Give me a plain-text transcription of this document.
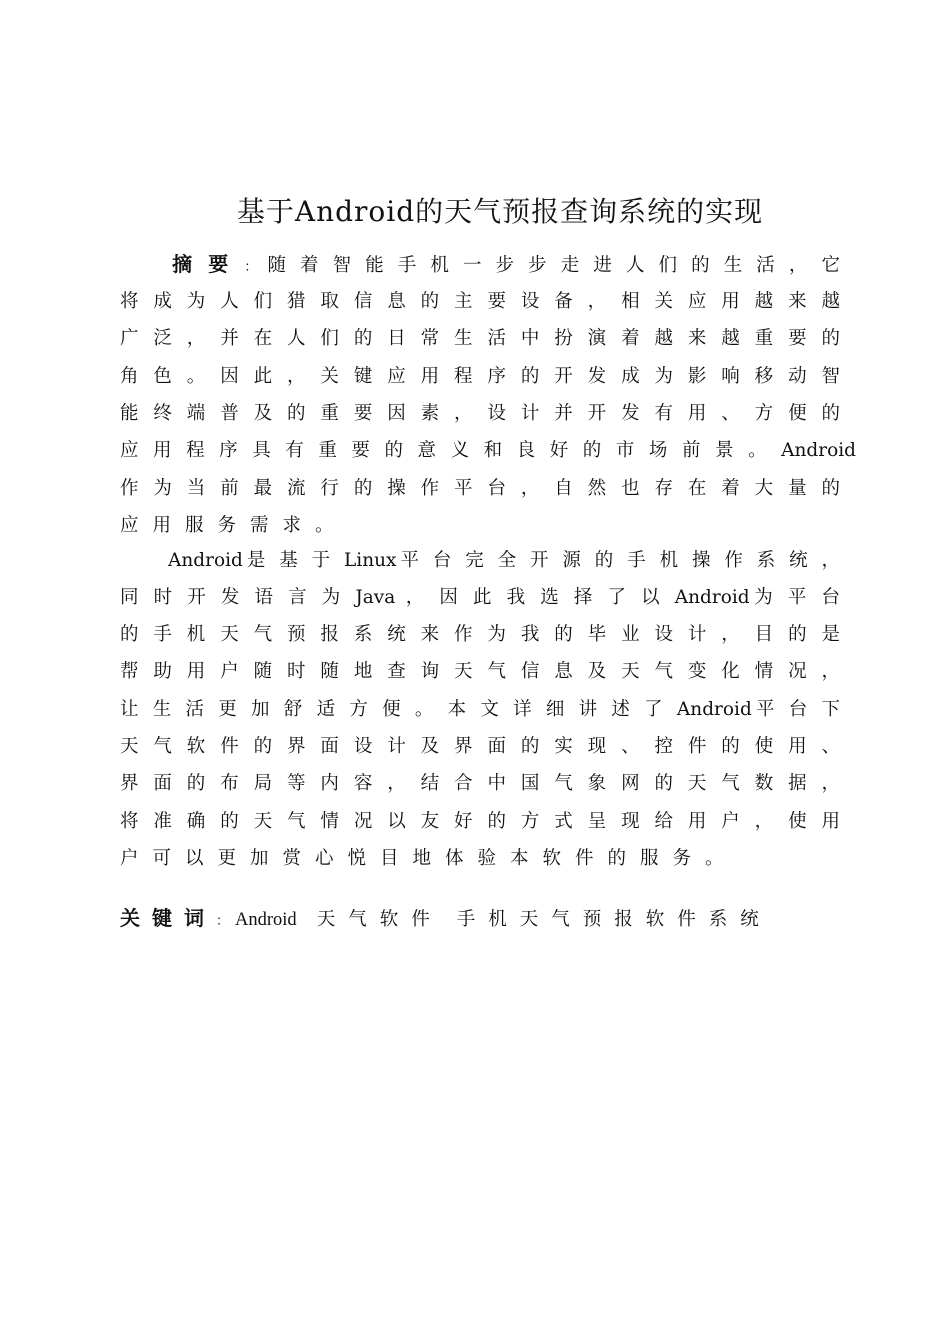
基于Android的天气预报查询系统的实现
摘要： 随 着 智 能 手 机 一 步 步 走 进 人 们 的 生 活 ， 它
将 成 为 人 们 猎 取 信 息 的 主 要 设 备 ， 相 关 应 用 越 来 越
广 泛 ， 并 在 人 们 的 日 常 生 活 中 扮 演 着 越 来 越 重 要 的
角 色 。 因 此 ， 关 键 应 用 程 序 的 开 发 成 为 影 响 移 动 智
能 终 端 普 及 的 重 要 因 素 ， 设 计 并 开 发 有 用 、 方 便 的
应 用 程 序 具 有 重 要 的 意 义 和 良 好 的 市 场 前 景 。 Android
作 为 当 前 最 流 行 的 操 作 平 台 ， 自 然 也 存 在 着 大 量 的
应用服务需求。
Android是 基 于 Linux平 台 完 全 开 源 的 手 机 操 作 系 统 ，
同 时 开 发 语 言 为 Java ， 因 此 我 选 择 了 以 Android为 平 台
的 手 机 天 气 预 报 系 统 来 作 为 我 的 毕 业 设 计 ， 目 的 是
帮 助 用 户 随 时 随 地 查 询 天 气 信 息 及 天 气 变 化 情 况 ，
让 生 活 更 加 舒 适 方 便 。 本 文 详 细 讲 述 了 Android平 台 下
天 气 软 件 的 界 面 设 计 及 界 面 的 实 现 、 控 件 的 使 用 、
界 面 的 布 局 等 内 容 ， 结 合 中 国 气 象 网 的 天 气 数 据 ，
将 准 确 的 天 气 情 况 以 友 好 的 方 式 呈 现 给 用 户 ， 使 用
户可以更加赏心悦目地体验本软件的服务。
关键词： Android 天气软件 手机天气预报软件系统
